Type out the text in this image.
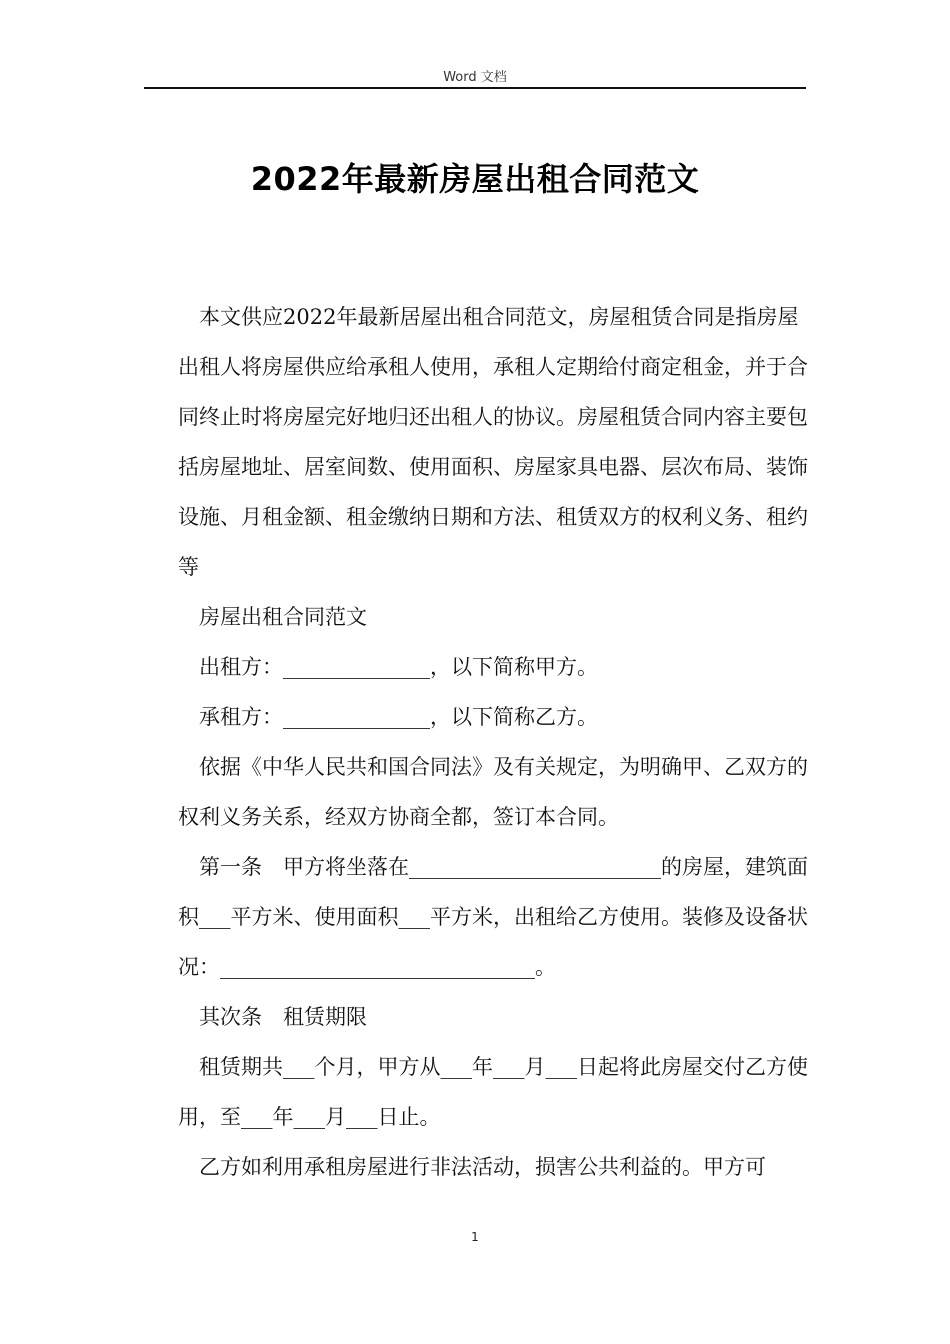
Word 文档
2022年最新房屋出租合同范文

本文供应2022年最新居屋出租合同范文，房屋租赁合同是指房屋出租人将房屋供应给承租人使用，承租人定期给付商定租金，并于合同终止时将房屋完好地归还出租人的协议。房屋租赁合同内容主要包括房屋地址、居室间数、使用面积、房屋家具电器、层次布局、装饰设施、月租金额、租金缴纳日期和方法、租赁双方的权利义务、租约等

房屋出租合同范文

出租方：______________，以下简称甲方。

承租方：______________，以下简称乙方。

依据《中华人民共和国合同法》及有关规定，为明确甲、乙双方的权利义务关系，经双方协商全都，签订本合同。

第一条　甲方将坐落在________________________的房屋，建筑面积___平方米、使用面积___平方米，出租给乙方使用。装修及设备状况：______________________________。

其次条　租赁期限

租赁期共___个月，甲方从___年___月___日起将此房屋交付乙方使用，至___年___月___日止。

乙方如利用承租房屋进行非法活动，损害公共利益的。甲方可

1
